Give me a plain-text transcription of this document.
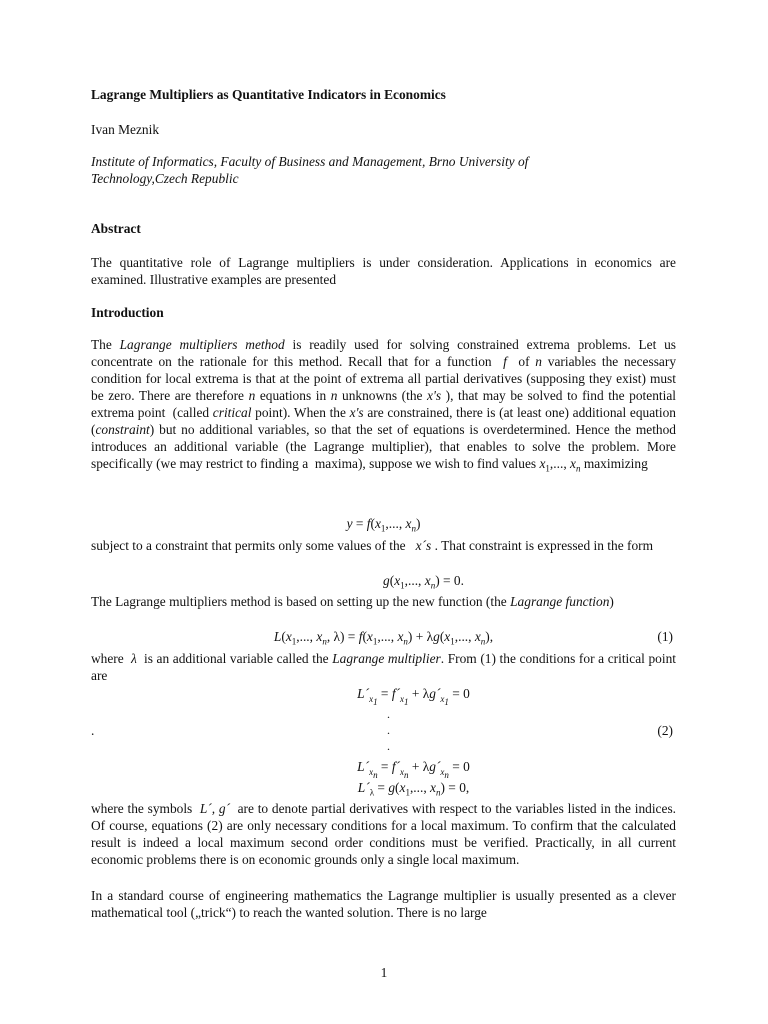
Lagrange Multipliers as Quantitative Indicators in Economics
Ivan Meznik
Institute of Informatics, Faculty of Business and Management, Brno University of Technology,Czech Republic
Abstract
The quantitative role of Lagrange multipliers is under consideration. Applications in economics are examined. Illustrative examples are presented
Introduction
The Lagrange multipliers method is readily used for solving constrained extrema problems. Let us concentrate on the rationale for this method. Recall that for a function  f  of n variables the necessary condition for local extrema is that at the point of extrema all partial derivatives (supposing they exist) must be zero. There are therefore n equations in n unknowns (the x's ), that may be solved to find the potential extrema point  (called critical point). When the x's are constrained, there is (at least one) additional equation (constraint) but no additional variables, so that the set of equations is overdetermined. Hence the method introduces an additional variable (the Lagrange multiplier), that enables to solve the problem. More specifically (we may restrict to finding a  maxima), suppose we wish to find values $x_1$,..., $x_n$ maximizing
$y = f(x_1$,..., $x_n$)
subject to a constraint that permits only some values of the   x´s . That constraint is expressed in the form
$g(x_1$,..., $x_n) = 0$.
The Lagrange multipliers method is based on setting up the new function (the Lagrange function)
$L(x_1$,..., $x_n$, $\lambda) = f(x_1$,..., $x_n) + \lambda g(x_1$,..., $x_n$),	(1)
where  λ  is an additional variable called the Lagrange multiplier. From (1) the conditions for a critical point are
$L´_{x_1}$ = $f´_{x_1}$ + $\lambda g´_{x_1} = 0$
.
.	.	(2)
.
$L´_{x_n}$ = $f´_{x_n}$ + $\lambda g´_{x_n} = 0$
$L´_\lambda = g(x_1$,..., $x_n) = 0$,
where the symbols  L´, g´  are to denote partial derivatives with respect to the variables listed in the indices. Of course, equations (2) are only necessary conditions for a local maximum. To confirm that the calculated result is indeed a local maximum second order conditions must be verified. Practically, in all current economic problems there is on economic grounds only a single local maximum.
In a standard course of engineering mathematics the Lagrange multiplier is usually presented as a clever mathematical tool („trick“) to reach the wanted solution. There is no large
1
